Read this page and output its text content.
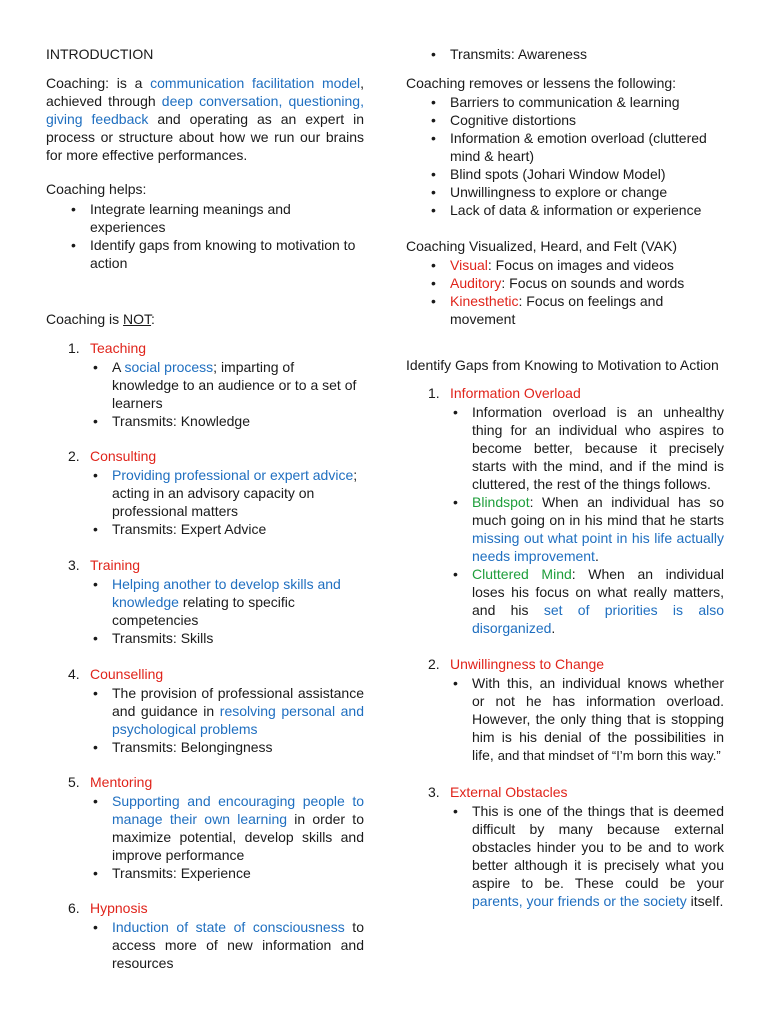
INTRODUCTION

Coaching: is a communication facilitation model, achieved through deep conversation, questioning, giving feedback and operating as an expert in process or structure about how we run our brains for more effective performances.

Coaching helps:

• Integrate learning meanings and experiences
• Identify gaps from knowing to motivation to action

Coaching is NOT:

1. Teaching

• A social process; imparting of knowledge to an audience or to a set of learners
• Transmits: Knowledge
2. Consulting

• Providing professional or expert advice; acting in an advisory capacity on professional matters
• Transmits: Expert Advice
3. Training

• Helping another to develop skills and knowledge relating to specific competencies
• Transmits: Skills
4. Counselling

• The provision of professional assistance and guidance in resolving personal and psychological problems
• Transmits: Belongingness
5. Mentoring

• Supporting and encouraging people to manage their own learning in order to maximize potential, develop skills and improve performance
• Transmits: Experience
6. Hypnosis

• Induction of state of consciousness to access more of new information and resources
• Transmits: Awareness

Coaching removes or lessens the following:

• Barriers to communication & learning
• Cognitive distortions
• Information & emotion overload (cluttered mind & heart)
• Blind spots (Johari Window Model)
• Unwillingness to explore or change
• Lack of data & information or experience

Coaching Visualized, Heard, and Felt (VAK)

• Visual: Focus on images and videos
• Auditory: Focus on sounds and words
• Kinesthetic: Focus on feelings and movement

Identify Gaps from Knowing to Motivation to Action

1. Information Overload

• Information overload is an unhealthy thing for an individual who aspires to become better, because it precisely starts with the mind, and if the mind is cluttered, the rest of the things follows.
• Blindspot: When an individual has so much going on in his mind that he starts missing out what point in his life actually needs improvement.
• Cluttered Mind: When an individual loses his focus on what really matters, and his set of priorities is also disorganized.
2. Unwillingness to Change

• With this, an individual knows whether or not he has information overload. However, the only thing that is stopping him is his denial of the possibilities in life, and that mindset of “I’m born this way.”
3. External Obstacles

• This is one of the things that is deemed difficult by many because external obstacles hinder you to be and to work better although it is precisely what you aspire to be. These could be your parents, your friends or the society itself.
